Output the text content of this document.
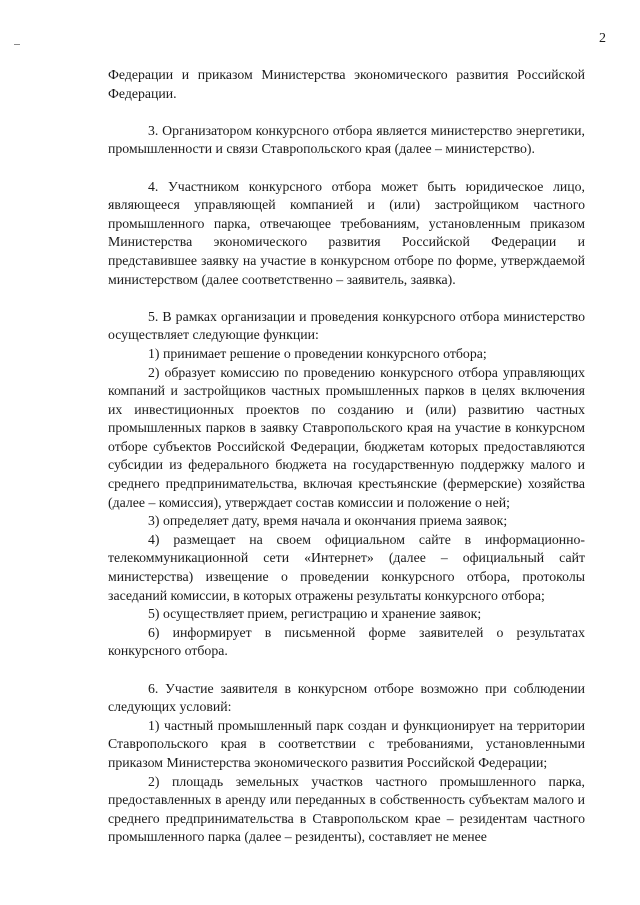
2

Федерации и приказом Министерства экономического развития Российской Федерации.

3. Организатором конкурсного отбора является министерство энергетики, промышленности и связи Ставропольского края (далее – министерство).

4. Участником конкурсного отбора может быть юридическое лицо, являющееся управляющей компанией и (или) застройщиком частного промышленного парка, отвечающее требованиям, установленным приказом Министерства экономического развития Российской Федерации и представившее заявку на участие в конкурсном отборе по форме, утверждаемой министерством (далее соответственно – заявитель, заявка).

5. В рамках организации и проведения конкурсного отбора министерство осуществляет следующие функции:

1) принимает решение о проведении конкурсного отбора;

2) образует комиссию по проведению конкурсного отбора управляющих компаний и застройщиков частных промышленных парков в целях включения их инвестиционных проектов по созданию и (или) развитию частных промышленных парков в заявку Ставропольского края на участие в конкурсном отборе субъектов Российской Федерации, бюджетам которых предоставляются субсидии из федерального бюджета на государственную поддержку малого и среднего предпринимательства, включая крестьянские (фермерские) хозяйства (далее – комиссия), утверждает состав комиссии и положение о ней;

3) определяет дату, время начала и окончания приема заявок;

4) размещает на своем официальном сайте в информационно-телекоммуникационной сети «Интернет» (далее – официальный сайт министерства) извещение о проведении конкурсного отбора, протоколы заседаний комиссии, в которых отражены результаты конкурсного отбора;

5) осуществляет прием, регистрацию и хранение заявок;

6) информирует в письменной форме заявителей о результатах конкурсного отбора.

6. Участие заявителя в конкурсном отборе возможно при соблюдении следующих условий:

1) частный промышленный парк создан и функционирует на территории Ставропольского края в соответствии с требованиями, установленными приказом Министерства экономического развития Российской Федерации;

2) площадь земельных участков частного промышленного парка, предоставленных в аренду или переданных в собственность субъектам малого и среднего предпринимательства в Ставропольском крае – резидентам частного промышленного парка (далее – резиденты), составляет не менее
